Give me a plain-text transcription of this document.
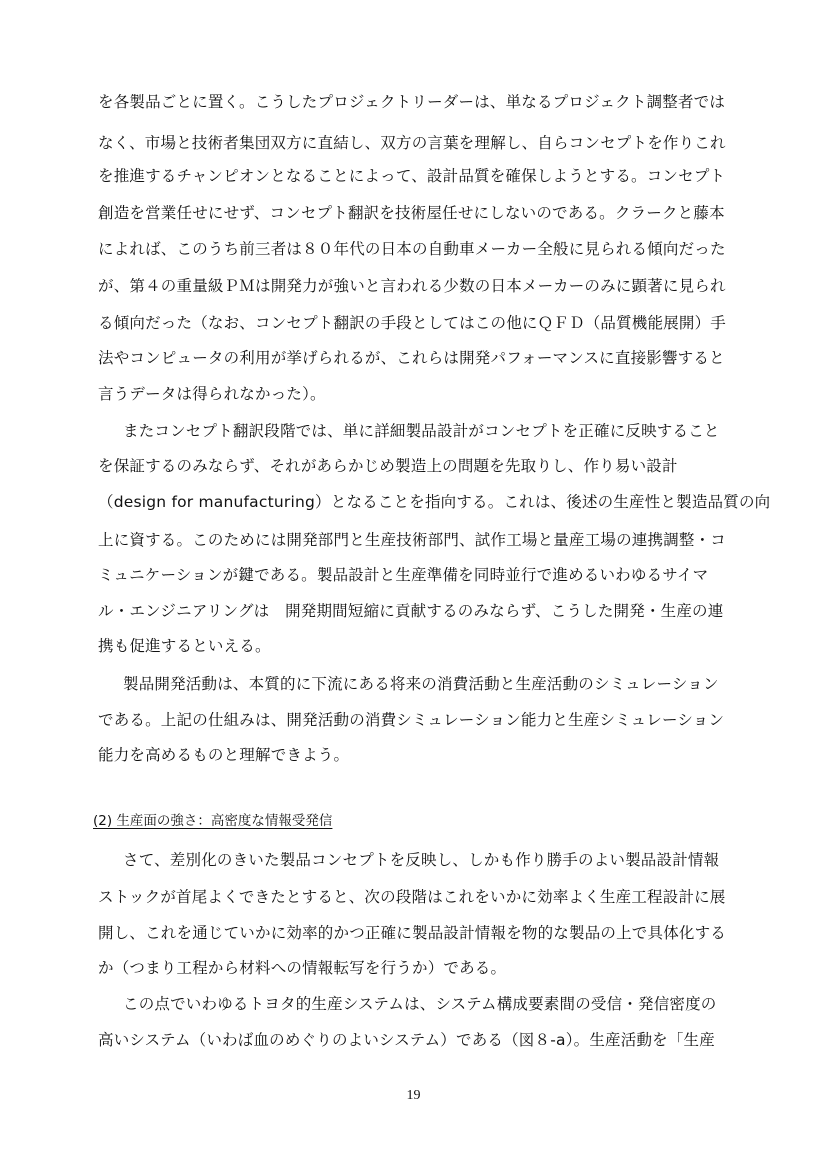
を各製品ごとに置く。こうしたプロジェクトリーダーは、単なるプロジェクト調整者では
なく、市場と技術者集団双方に直結し、双方の言葉を理解し、自らコンセプトを作りこれ
を推進するチャンピオンとなることによって、設計品質を確保しようとする。コンセプト
創造を営業任せにせず、コンセプト翻訳を技術屋任せにしないのである。クラークと藤本
によれば、このうち前三者は８０年代の日本の自動車メーカー全般に見られる傾向だった
が、第４の重量級ＰＭは開発力が強いと言われる少数の日本メーカーのみに顕著に見られ
る傾向だった（なお、コンセプト翻訳の手段としてはこの他にＱＦＤ（品質機能展開）手
法やコンピュータの利用が挙げられるが、これらは開発パフォーマンスに直接影響すると
言うデータは得られなかった）。
またコンセプト翻訳段階では、単に詳細製品設計がコンセプトを正確に反映すること
を保証するのみならず、それがあらかじめ製造上の問題を先取りし、作り易い設計
（design for manufacturing）となることを指向する。これは、後述の生産性と製造品質の向
上に資する。このためには開発部門と生産技術部門、試作工場と量産工場の連携調整・コ
ミュニケーションが鍵である。製品設計と生産準備を同時並行で進めるいわゆるサイマ
ル・エンジニアリングは　開発期間短縮に貢献するのみならず、こうした開発・生産の連
携も促進するといえる。
製品開発活動は、本質的に下流にある将来の消費活動と生産活動のシミュレーション
である。上記の仕組みは、開発活動の消費シミュレーション能力と生産シミュレーション
能力を高めるものと理解できよう。
(2) 生産面の強さ：高密度な情報受発信
さて、差別化のきいた製品コンセプトを反映し、しかも作り勝手のよい製品設計情報
ストックが首尾よくできたとすると、次の段階はこれをいかに効率よく生産工程設計に展
開し、これを通じていかに効率的かつ正確に製品設計情報を物的な製品の上で具体化する
か（つまり工程から材料への情報転写を行うか）である。
この点でいわゆるトヨタ的生産システムは、システム構成要素間の受信・発信密度の
高いシステム（いわば血のめぐりのよいシステム）である（図８-a）。生産活動を「生産
19
